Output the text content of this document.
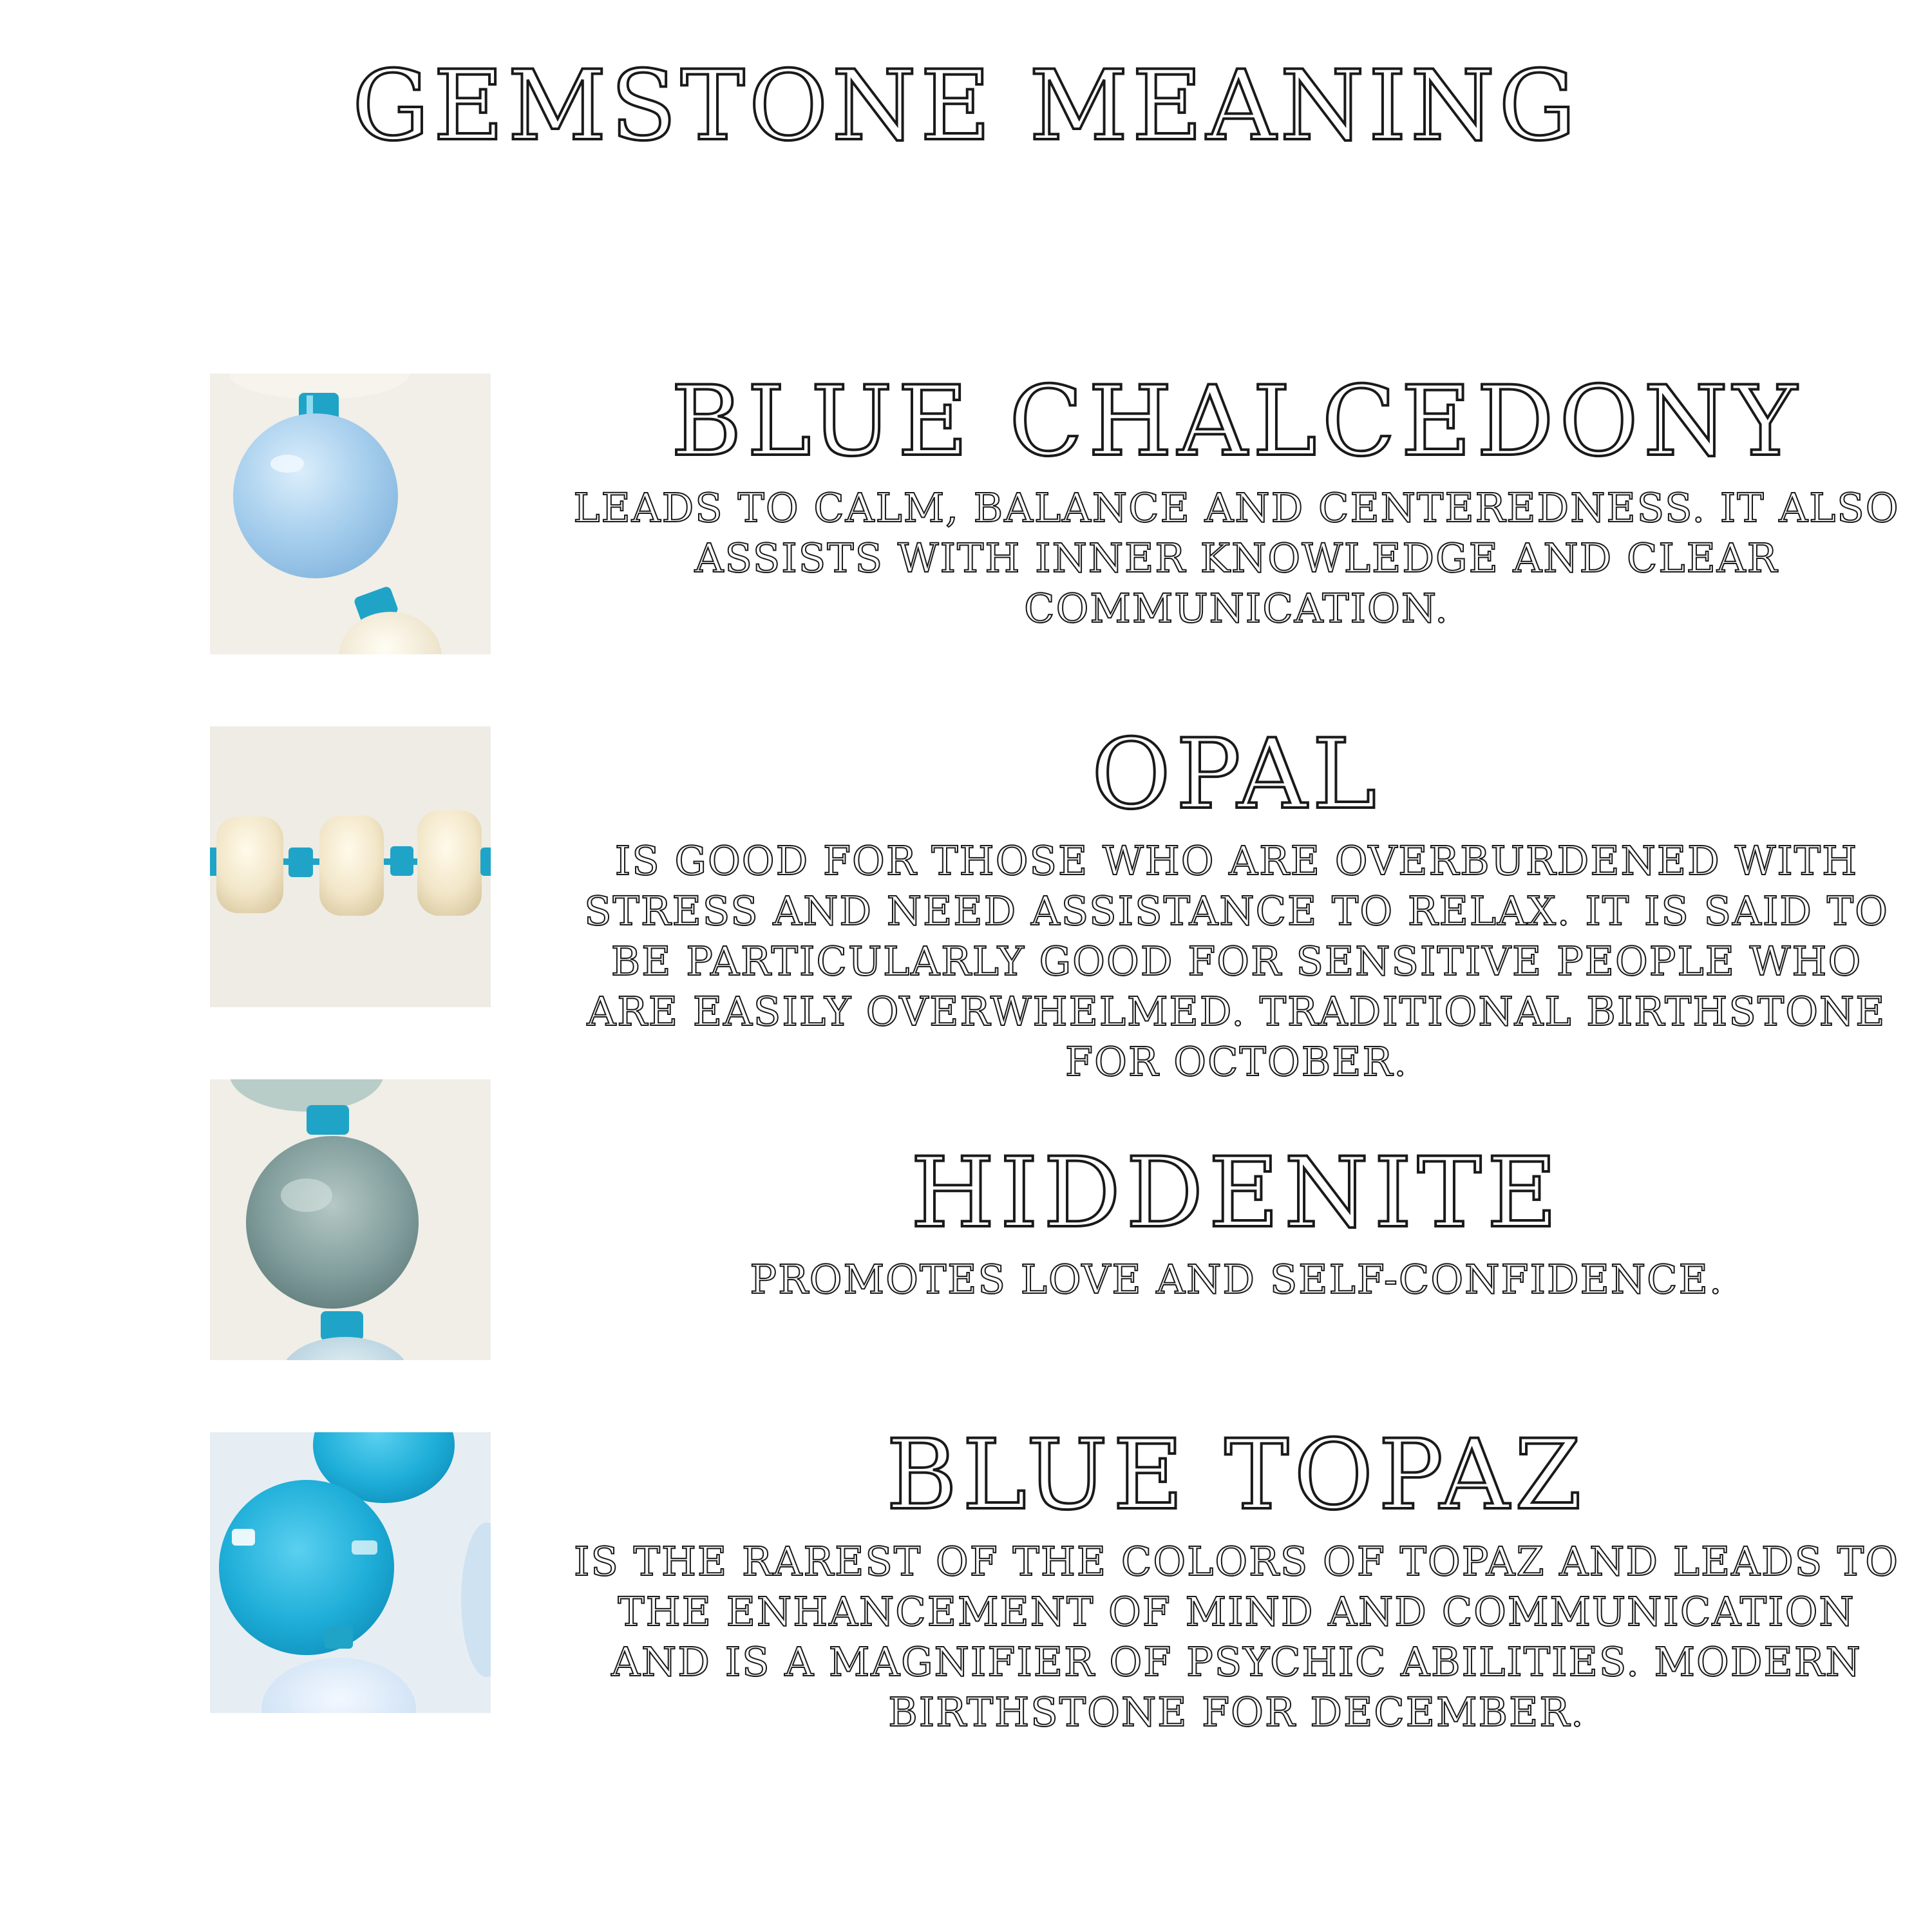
GEMSTONE MEANING
BLUE CHALCEDONY

LEADS TO CALM, BALANCE AND CENTEREDNESS. IT ALSO ASSISTS WITH INNER KNOWLEDGE AND CLEAR COMMUNICATION.

OPAL

IS GOOD FOR THOSE WHO ARE OVERBURDENED WITH STRESS AND NEED ASSISTANCE TO RELAX. IT IS SAID TO BE PARTICULARLY GOOD FOR SENSITIVE PEOPLE WHO ARE EASILY OVERWHELMED. TRADITIONAL BIRTHSTONE FOR OCTOBER.

HIDDENITE

PROMOTES LOVE AND SELF-CONFIDENCE.

BLUE TOPAZ

IS THE RAREST OF THE COLORS OF TOPAZ AND LEADS TO THE ENHANCEMENT OF MIND AND COMMUNICATION AND IS A MAGNIFIER OF PSYCHIC ABILITIES. MODERN BIRTHSTONE FOR DECEMBER.
